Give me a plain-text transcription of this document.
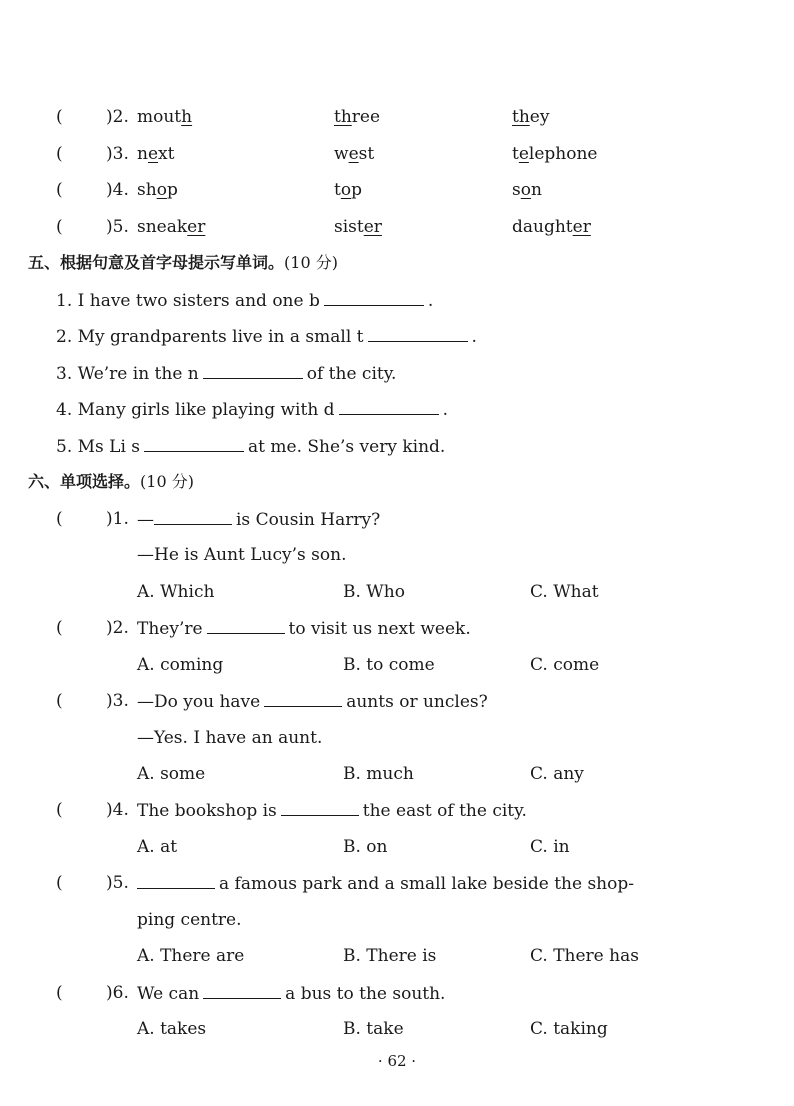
(	)2. mouth	three	they
(	)3. next	west	telephone
(	)4. shop	top	son
(	)5. sneaker	sister	daughter
五、根据句意及首字母提示写单词。(10 分)
1. I have two sisters and one b	.
2. My grandparents live in a small t	.
3. We’re in the n	of the city.
4. Many girls like playing with d	.
5. Ms Li s	at me. She’s very kind.
六、单项选择。(10 分)
(	)1. —	is Cousin Harry?
—He is Aunt Lucy’s son.
A. Which	B. Who	C. What
(	)2. They’re	to visit us next week.
A. coming	B. to come	C. come
(	)3. —Do you have	aunts or uncles?
—Yes. I have an aunt.
A. some	B. much	C. any
(	)4. The bookshop is	the east of the city.
A. at	B. on	C. in
(	)5.	a famous park and a small lake beside the shop-
ping centre.
A. There are	B. There is	C. There has
(	)6. We can	a bus to the south.
A. takes	B. take	C. taking
· 62 ·
